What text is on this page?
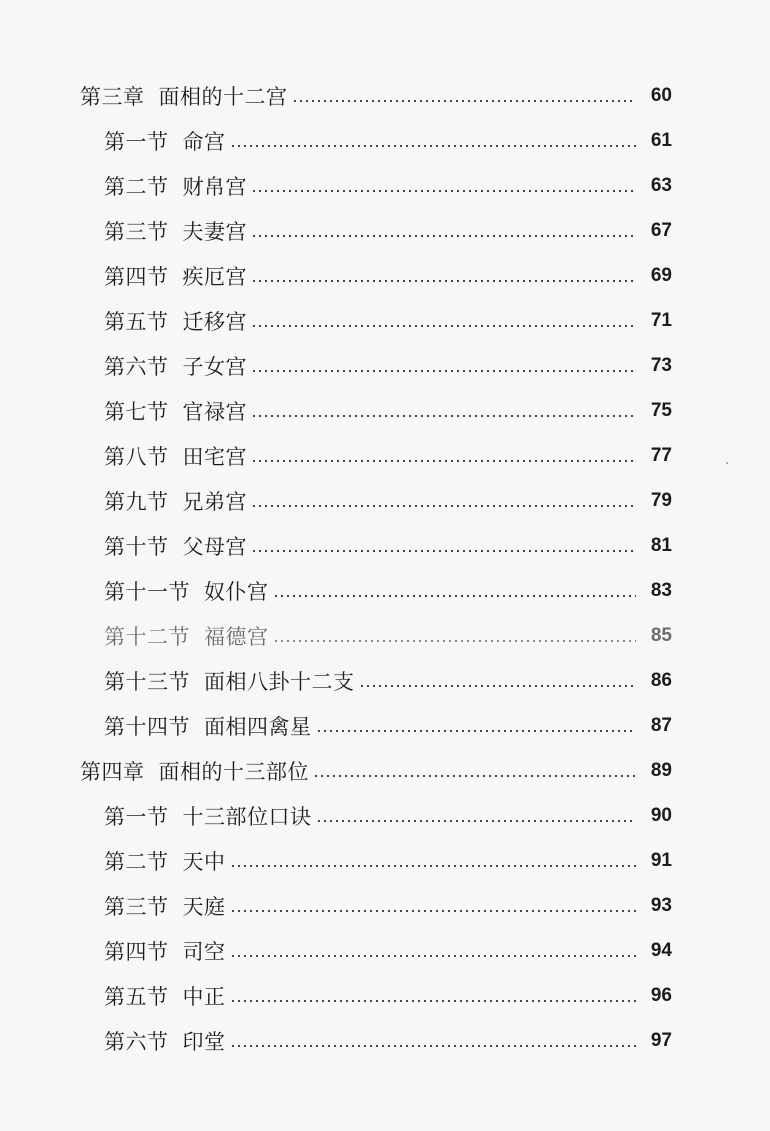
第三章 面相的十二宫	60
第一节 命宫	61
第二节 财帛宫	63
第三节 夫妻宫	67
第四节 疾厄宫	69
第五节 迁移宫	71
第六节 子女宫	73
第七节 官禄宫	75
第八节 田宅宫	77
第九节 兄弟宫	79
第十节 父母宫	81
第十一节 奴仆宫	83
第十二节 福德宫	85
第十三节 面相八卦十二支	86
第十四节 面相四禽星	87
第四章 面相的十三部位	89
第一节 十三部位口诀	90
第二节 天中	91
第三节 天庭	93
第四节 司空	94
第五节 中正	96
第六节 印堂	97
